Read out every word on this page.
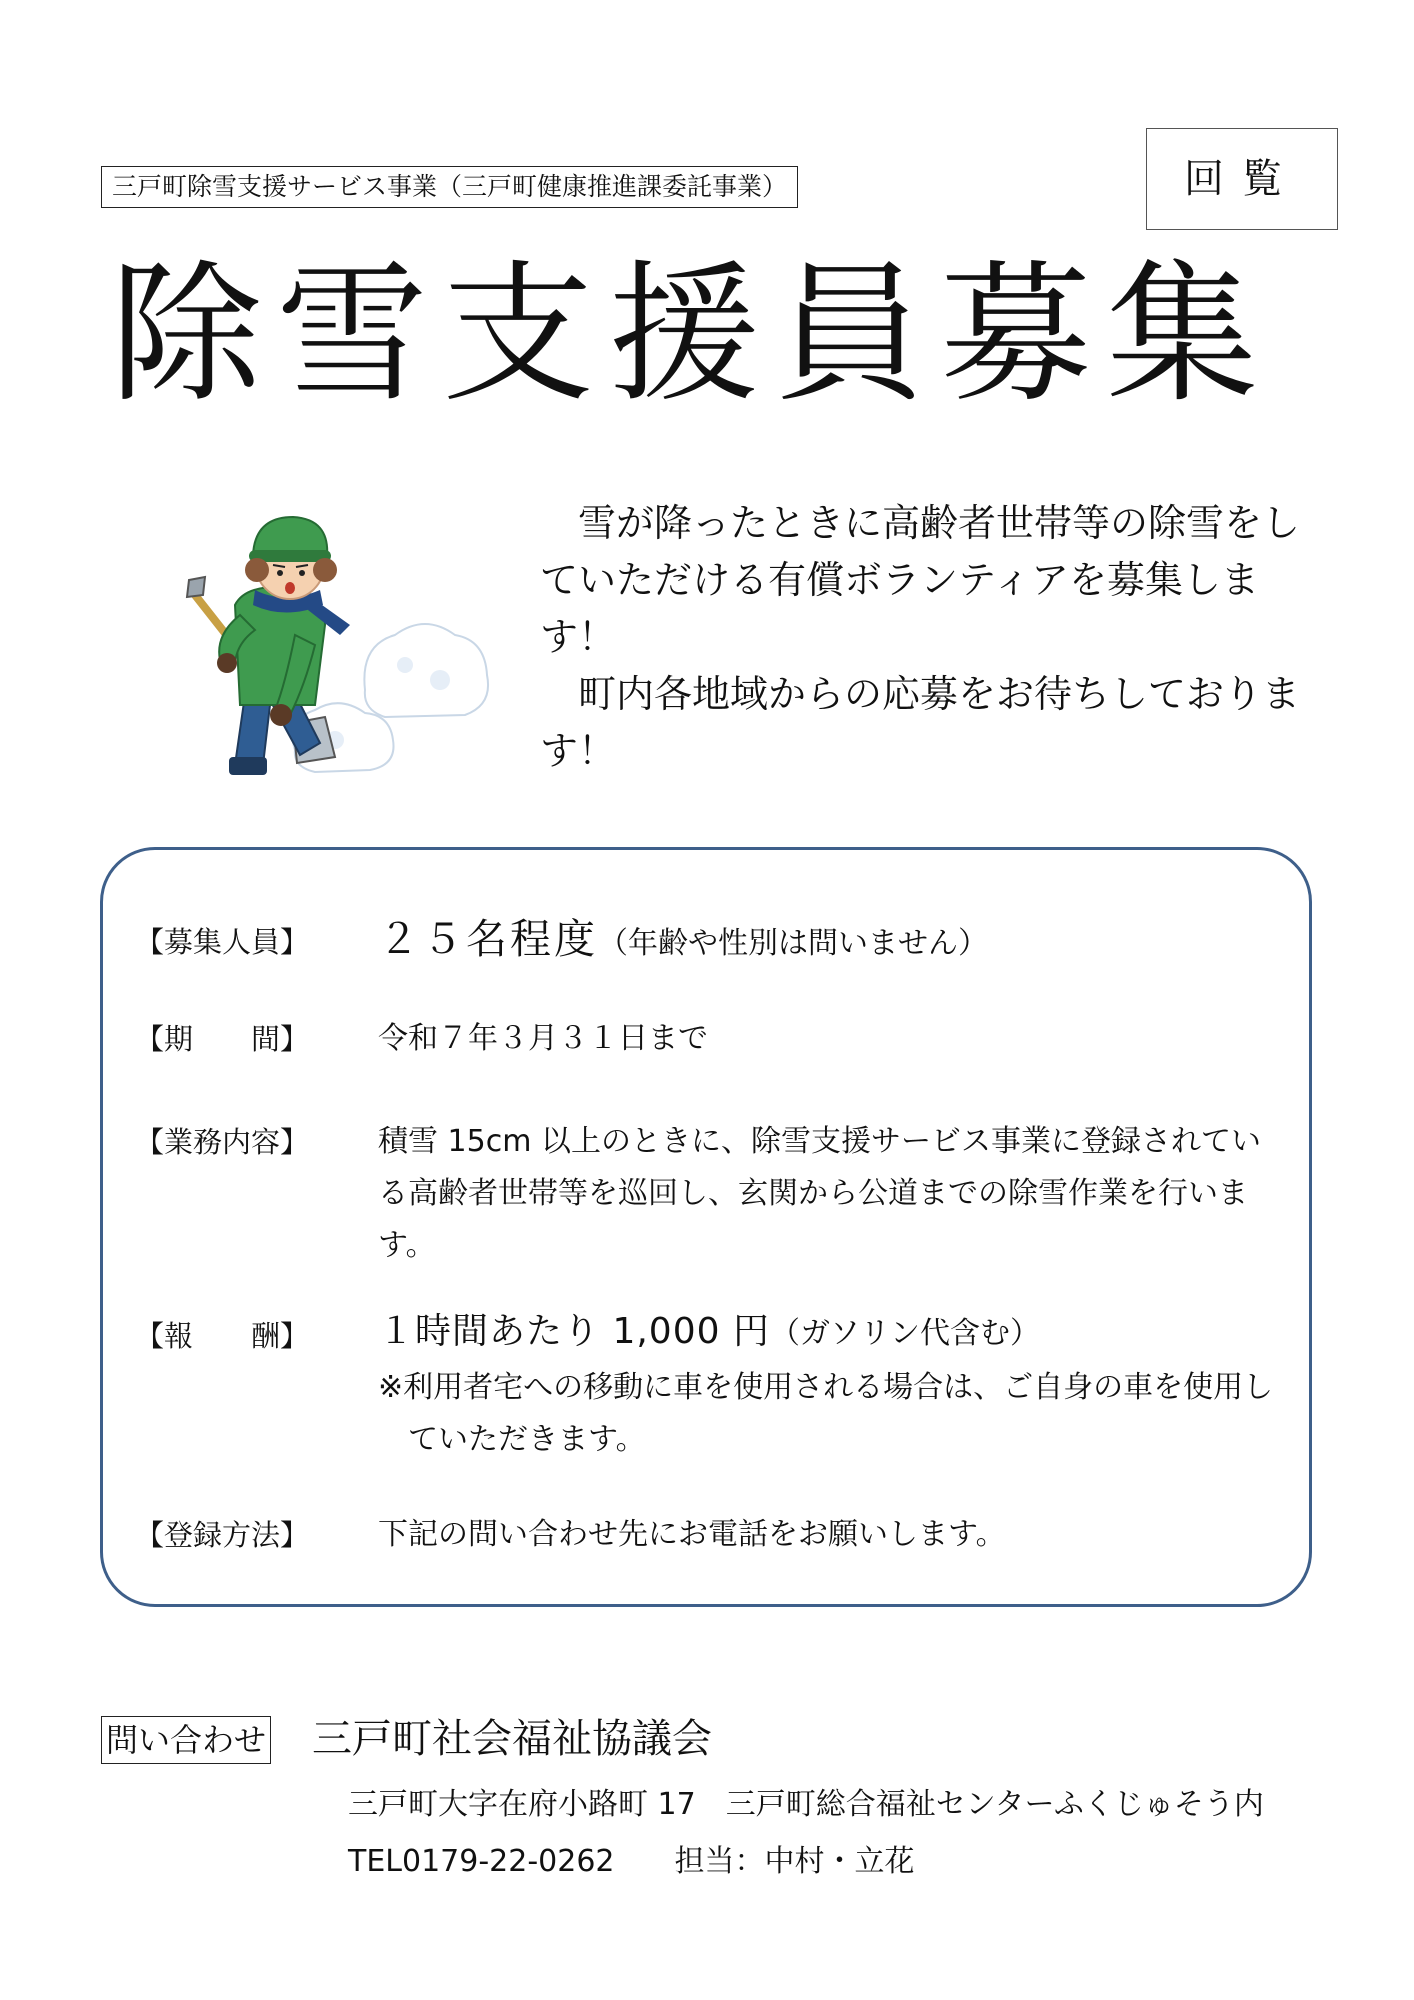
三戸町除雪支援サービス事業（三戸町健康推進課委託事業）	回覧
除雪支援員募集

雪が降ったときに高齢者世帯等の除雪をしていただける有償ボランティアを募集します！

町内各地域からの応募をお待ちしております！

【募集人員】 ２５名程度（年齢や性別は問いません）
【期　　間】 令和７年３月３１日まで
【業務内容】 積雪 15cm 以上のときに、除雪支援サービス事業に登録されている高齢者世帯等を巡回し、玄関から公道までの除雪作業を行います。
【報　　酬】 １時間あたり 1,000 円（ガソリン代含む）
※利用者宅への移動に車を使用される場合は、ご自身の車を使用していただきます。
【登録方法】 下記の問い合わせ先にお電話をお願いします。
問い合わせ 三戸町社会福祉協議会
三戸町大字在府小路町 17　三戸町総合福祉センターふくじゅそう内
TEL0179-22-0262 担当：中村・立花
